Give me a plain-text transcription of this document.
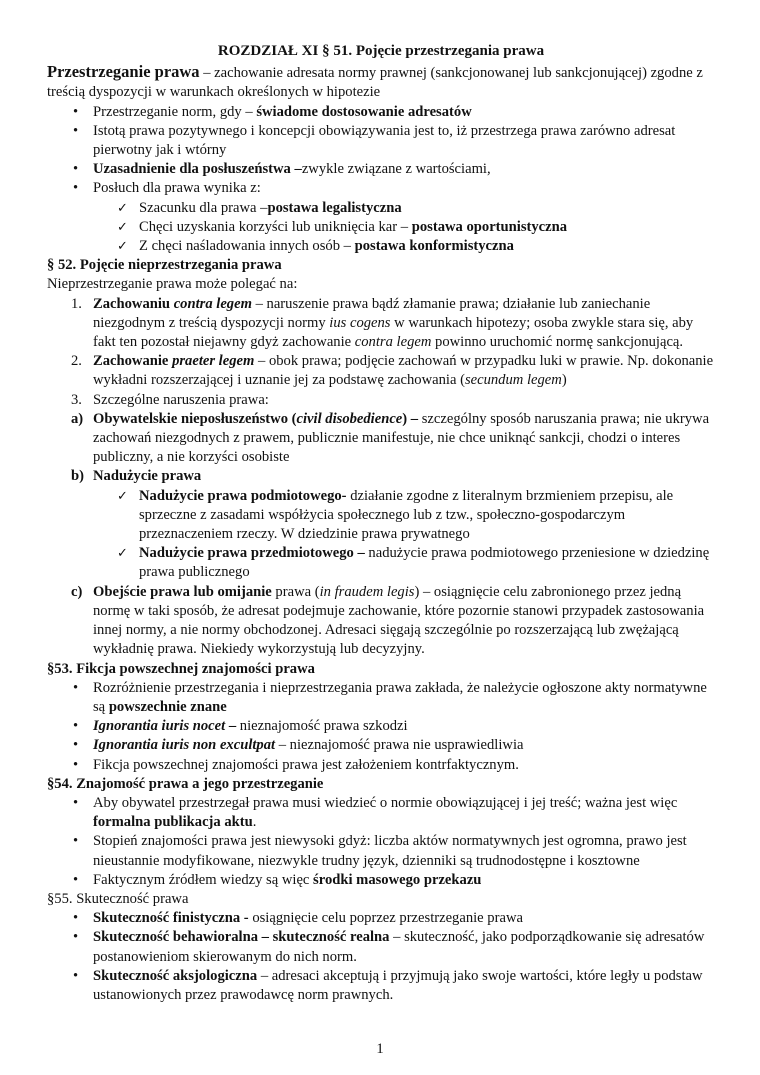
ROZDZIAŁ XI § 51. Pojęcie przestrzegania prawa

Przestrzeganie prawa – zachowanie adresata normy prawnej (sankcjonowanej lub sankcjonującej) zgodne z treścią dyspozycji w warunkach określonych w hipotezie

• Przestrzeganie norm, gdy – świadome dostosowanie adresatów
• Istotą prawa pozytywnego i koncepcji obowiązywania jest to, iż przestrzega prawa zarówno adresat pierwotny jak i wtórny
• Uzasadnienie dla posłuszeństwa –zwykle związane z wartościami,
• Posłuch dla prawa wynika z:
✓ Szacunku dla prawa –postawa legalistyczna
✓ Chęci uzyskania korzyści lub uniknięcia kar – postawa oportunistyczna
✓ Z chęci naśladowania innych osób – postawa konformistyczna

§ 52. Pojęcie nieprzestrzegania prawa

Nieprzestrzeganie prawa może polegać na:

1. Zachowaniu contra legem – naruszenie prawa bądź złamanie prawa; działanie lub zaniechanie niezgodnym z treścią dyspozycji normy ius cogens w warunkach hipotezy; osoba zwykle stara się, aby fakt ten pozostał niejawny gdyż zachowanie contra legem powinno uruchomić normę sankcjonującą.
2. Zachowanie praeter legem – obok prawa; podjęcie zachowań w przypadku luki w prawie. Np. dokonanie wykładni rozszerzającej i uznanie jej za podstawę zachowania (secundum legem)
3. Szczególne naruszenia prawa:
a) Obywatelskie nieposłuszeństwo (civil disobedience) – szczególny sposób naruszania prawa; nie ukrywa zachowań niezgodnych z prawem, publicznie manifestuje, nie chce uniknąć sankcji, chodzi o interes publiczny, a nie korzyści osobiste
b) Nadużycie prawa
✓ Nadużycie prawa podmiotowego- działanie zgodne z literalnym brzmieniem przepisu, ale sprzeczne z zasadami współżycia społecznego lub z tzw., społeczno-gospodarczym przeznaczeniem rzeczy. W dziedzinie prawa prywatnego
✓ Nadużycie prawa przedmiotowego – nadużycie prawa podmiotowego przeniesione w dziedzinę prawa publicznego
c) Obejście prawa lub omijanie prawa (in fraudem legis) – osiągnięcie celu zabronionego przez jedną normę w taki sposób, że adresat podejmuje zachowanie, które pozornie stanowi przypadek zastosowania innej normy, a nie normy obchodzonej. Adresaci sięgają szczególnie po rozszerzającą lub zwężającą wykładnię prawa. Niekiedy wykorzystują lub decyzyjny.

§53. Fikcja powszechnej znajomości prawa

• Rozróżnienie przestrzegania i nieprzestrzegania prawa zakłada, że należycie ogłoszone akty normatywne są powszechnie znane
• Ignorantia iuris nocet – nieznajomość prawa szkodzi
• Ignorantia iuris non excultpat – nieznajomość prawa nie usprawiedliwia
• Fikcja powszechnej znajomości prawa jest założeniem kontrfaktycznym.

§54. Znajomość prawa a jego przestrzeganie

• Aby obywatel przestrzegał prawa musi wiedzieć o normie obowiązującej i jej treść; ważna jest więc formalna publikacja aktu.
• Stopień znajomości prawa jest niewysoki gdyż: liczba aktów normatywnych jest ogromna, prawo jest nieustannie modyfikowane, niezwykle trudny język, dzienniki są trudnodostępne i kosztowne
• Faktycznym źródłem wiedzy są więc środki masowego przekazu

§55. Skuteczność prawa

• Skuteczność finistyczna - osiągnięcie celu poprzez przestrzeganie prawa
• Skuteczność behawioralna – skuteczność realna – skuteczność, jako podporządkowanie się adresatów postanowieniom skierowanym do nich norm.
• Skuteczność aksjologiczna – adresaci akceptują i przyjmują jako swoje wartości, które legły u podstaw ustanowionych przez prawodawcę norm prawnych.
1
